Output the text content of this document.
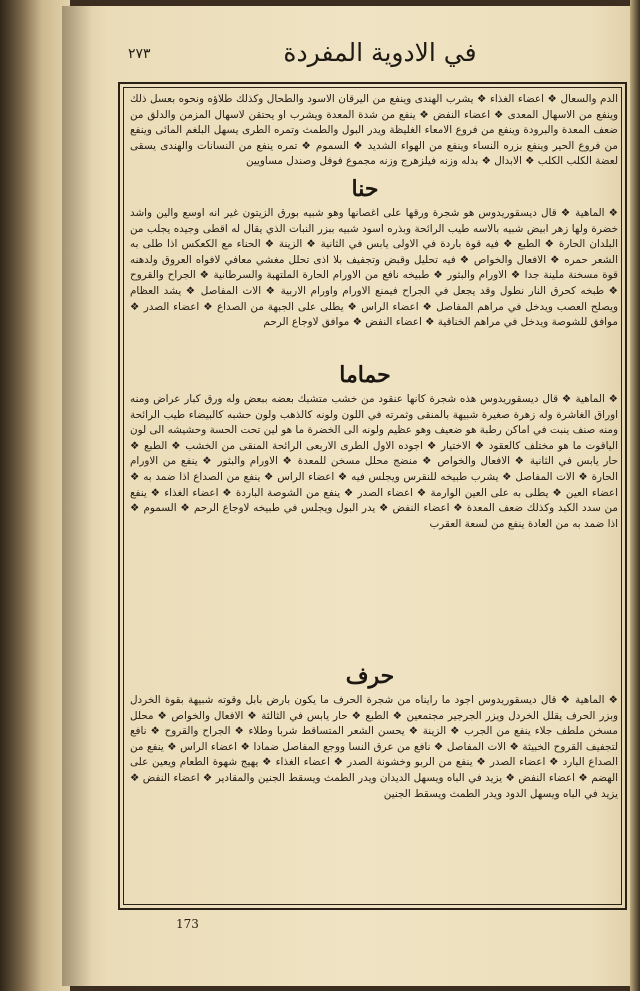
في الادوية المفردة
٢٧٣
الدم والسعال ❖ اعضاء الغذاء ❖ يشرب الهندى وينفع من اليرقان الاسود والطحال وكذلك طلاؤه ونحوه بعسل ذلك وينفع من الاسهال المعدى ❖ اعضاء النفض ❖ ينفع من شدة المعدة ويشرب او يحتقن لاسهال المزمن والدلق من ضعف المعدة والبرودة وينفع من فروع الامعاء الغليظة ويدر البول والطمث وتمره الطرى يسهل البلغم المائى وينفع من فروع الحير وينفع بزره النساء وينفع من الهواء الشديد ❖ السموم ❖ تمره ينفع من النسانات والهندى يسقى لعضة الكلب الكلب ❖ الابدال ❖ بدله وزنه فيلزهرج وزنه مجموع فوفل وصندل مساويين
حنا
❖ الماهية ❖ قال ديسقوريدوس هو شجرة ورقها على اغصانها وهو شبيه بورق الزيتون غير انه اوسع والين واشد خضرة ولها زهر ابيض شبيه بالاسه طيب الرائحة وبذره اسود شبيه ببزر النبات الذي يقال له اقطى وجيده يجلب من البلدان الحارة ❖ الطبع ❖ فيه قوة باردة في الاولى يابس في الثانية ❖ الزينة ❖ الحناء مع الكعكس اذا طلى به الشعر حمره ❖ الافعال والخواص ❖ فيه تحليل وقبض وتجفيف بلا اذى تحلل مغشي معافي لافواه العروق ولدهنه قوة مسخنة ملينة جدا ❖ الاورام والبثور ❖ طبيخه نافع من الاورام الحارة الملتهبة والسرطانية ❖ الجراح والقروح ❖ طبخه كحرق النار نطول وقد يجعل في الجراح فيمنع الاورام واورام الاربية ❖ الات المفاصل ❖ يشد العظام ويصلح العصب ويدخل في مراهم المفاصل ❖ اعضاء الراس ❖ يطلى على الجبهة من الصداع ❖ اعضاء الصدر ❖ موافق للشوصة ويدخل في مراهم الخناقية ❖ اعضاء النفض ❖ موافق لاوجاع الرحم
حماما
❖ الماهية ❖ قال ديسقوريدوس هذه شجرة كانها عنقود من خشب متشبك بعضه ببعض وله ورق كبار عراض ومنه اوراق الغاشرة وله زهرة صغيرة شبيهة بالمنقى وثمرته في اللون ولونه كالذهب ولون حشبه كالبيضاء طيب الرائحة ومنه صنف ينبت في اماكن رطبة هو ضعيف وهو عظيم ولونه الى الخضرة ما هو لين تحت الحسة وحشيشه الى لون الياقوت ما هو مختلف كالعقود ❖ الاختيار ❖ اجوده الاول الطرى الاربعى الرائحة المنقى من الخشب ❖ الطبع ❖ حار يابس في الثانية ❖ الافعال والخواص ❖ منضج محلل مسخن للمعدة ❖ الاورام والبثور ❖ ينفع من الاورام الحارة ❖ الات المفاصل ❖ يشرب طبيخه للنقرس ويجلس فيه ❖ اعضاء الراس ❖ ينفع من الصداع اذا ضمد به ❖ اعضاء العين ❖ يطلى به على العين الوارمة ❖ اعضاء الصدر ❖ ينفع من الشوصة الباردة ❖ اعضاء الغذاء ❖ ينفع من سدد الكبد وكذلك ضعف المعدة ❖ اعضاء النفض ❖ يدر البول ويجلس في طبيخه لاوجاع الرحم ❖ السموم ❖ اذا ضمد به من العادة ينفع من لسعة العقرب
حرف
❖ الماهية ❖ قال ديسقوريدوس اجود ما رايناه من شجرة الحرف ما يكون بارض بابل وقوته شبيهة بقوة الخردل وبزر الحرف يقلل الخردل ويزر الجرجير مجتمعين ❖ الطبع ❖ حار يابس في الثالثة ❖ الافعال والخواص ❖ محلل مسخن ملطف جلاء ينفع من الجرب ❖ الزينة ❖ يحسن الشعر المتساقط شربا وطلاء ❖ الجراح والقروح ❖ نافع لتجفيف القروح الخبيثة ❖ الات المفاصل ❖ نافع من عرق النسا ووجع المفاصل ضمادا ❖ اعضاء الراس ❖ ينفع من الصداع البارد ❖ اعضاء الصدر ❖ ينفع من الربو وخشونة الصدر ❖ اعضاء الغذاء ❖ يهيج شهوة الطعام ويعين على الهضم ❖ اعضاء النفض ❖ يزيد في الباه ويسهل الديدان ويدر الطمث ويسقط الجنين والمقادير ❖ اعضاء النفض ❖ يزيد في الباه ويسهل الدود ويدر الطمث ويسقط الجنين
173
